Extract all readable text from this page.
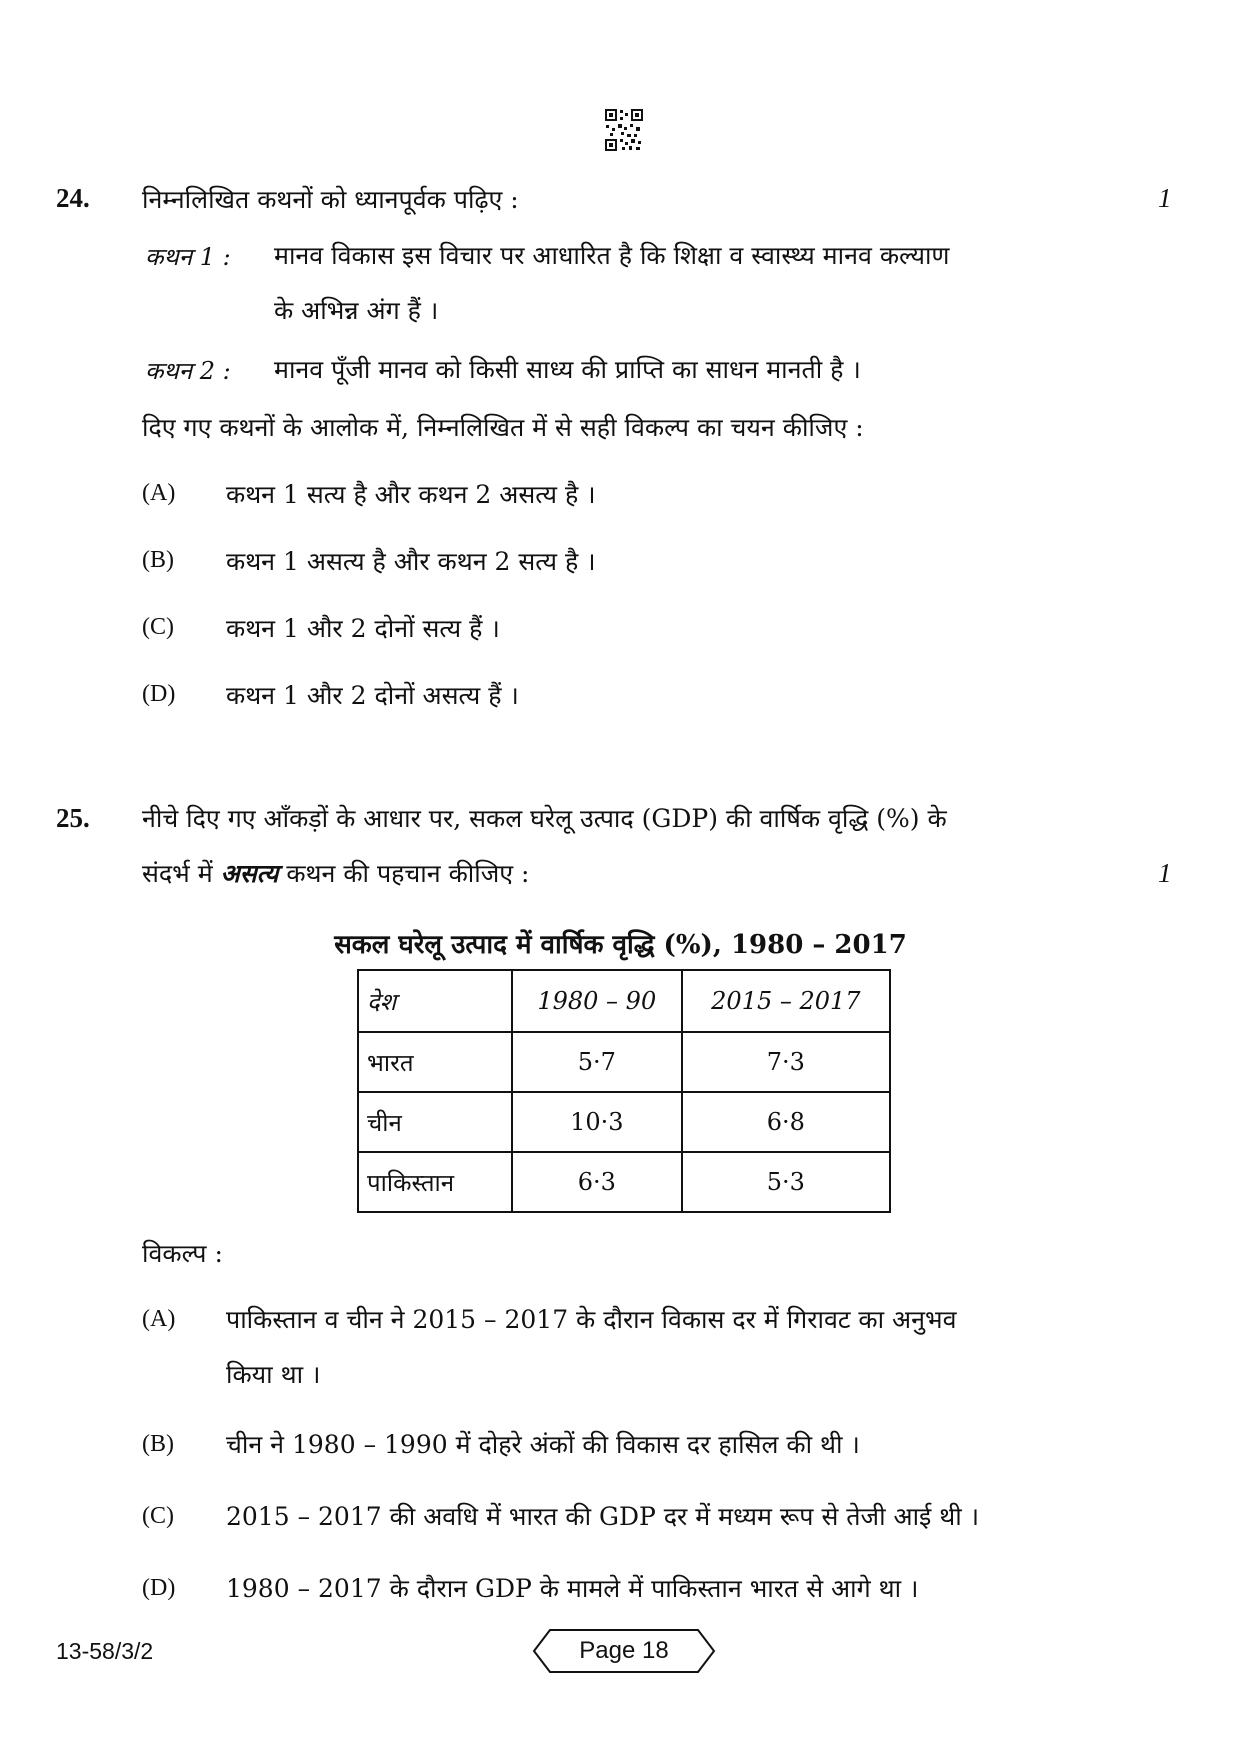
24. निम्नलिखित कथनों को ध्यानपूर्वक पढ़िए :	1
कथन 1 : मानव विकास इस विचार पर आधारित है कि शिक्षा व स्वास्थ्य मानव कल्याण
के अभिन्न अंग हैं ।
कथन 2 : मानव पूँजी मानव को किसी साध्य की प्राप्ति का साधन मानती है ।
दिए गए कथनों के आलोक में, निम्नलिखित में से सही विकल्प का चयन कीजिए :
(A) कथन 1 सत्य है और कथन 2 असत्य है ।
(B) कथन 1 असत्य है और कथन 2 सत्य है ।
(C) कथन 1 और 2 दोनों सत्य हैं ।
(D) कथन 1 और 2 दोनों असत्य हैं ।
25. नीचे दिए गए आँकड़ों के आधार पर, सकल घरेलू उत्पाद (GDP) की वार्षिक वृद्धि (%) के
संदर्भ में असत्य कथन की पहचान कीजिए :	1
सकल घरेलू उत्पाद में वार्षिक वृद्धि (%), 1980 – 2017
देश	1980 – 90	2015 – 2017
भारत	5·7	7·3
चीन	10·3	6·8
पाकिस्तान	6·3	5·3
विकल्प :
(A) पाकिस्तान व चीन ने 2015 – 2017 के दौरान विकास दर में गिरावट का अनुभव
किया था ।
(B) चीन ने 1980 – 1990 में दोहरे अंकों की विकास दर हासिल की थी ।
(C) 2015 – 2017 की अवधि में भारत की GDP दर में मध्यम रूप से तेजी आई थी ।
(D) 1980 – 2017 के दौरान GDP के मामले में पाकिस्तान भारत से आगे था ।
13-58/3/2	Page 18
